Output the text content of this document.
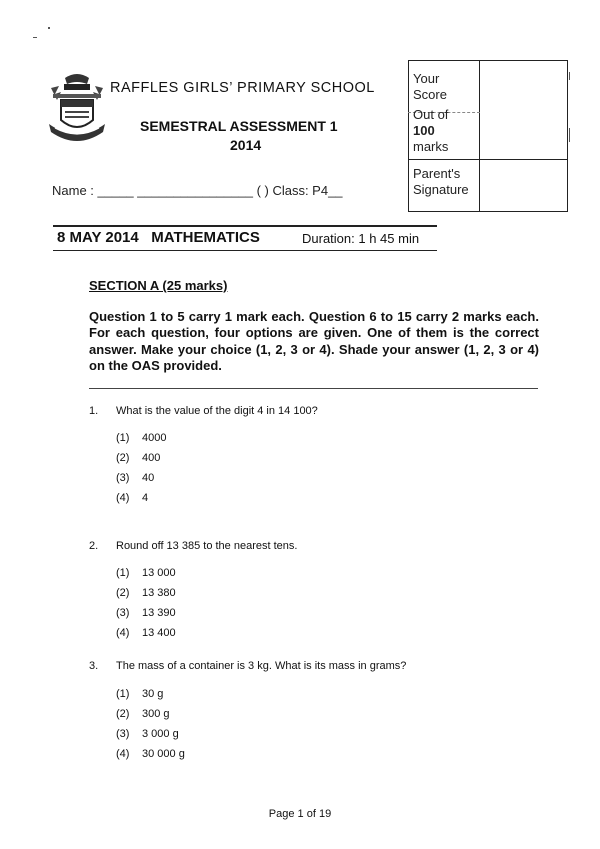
RAFFLES GIRLS’ PRIMARY SCHOOL
SEMESTRAL ASSESSMENT 1
2014
Name : _____ ________________ ( ) Class: P4__
Your
Score
Out of
100
marks
Parent's
Signature
8 MAY 2014   MATHEMATICS	Duration: 1 h 45 min
SECTION A (25 marks)
Question 1 to 5 carry 1 mark each. Question 6 to 15 carry 2 marks each. For each question, four options are given. One of them is the correct answer. Make your choice (1, 2, 3 or 4). Shade your answer (1, 2, 3 or 4) on the OAS provided.
1. What is the value of the digit 4 in 14 100?
(1) 4000
(2) 400
(3) 40
(4) 4
2. Round off 13 385 to the nearest tens.
(1) 13 000
(2) 13 380
(3) 13 390
(4) 13 400
3. The mass of a container is 3 kg. What is its mass in grams?
(1) 30 g
(2) 300 g
(3) 3 000 g
(4) 30 000 g
Page 1 of 19
